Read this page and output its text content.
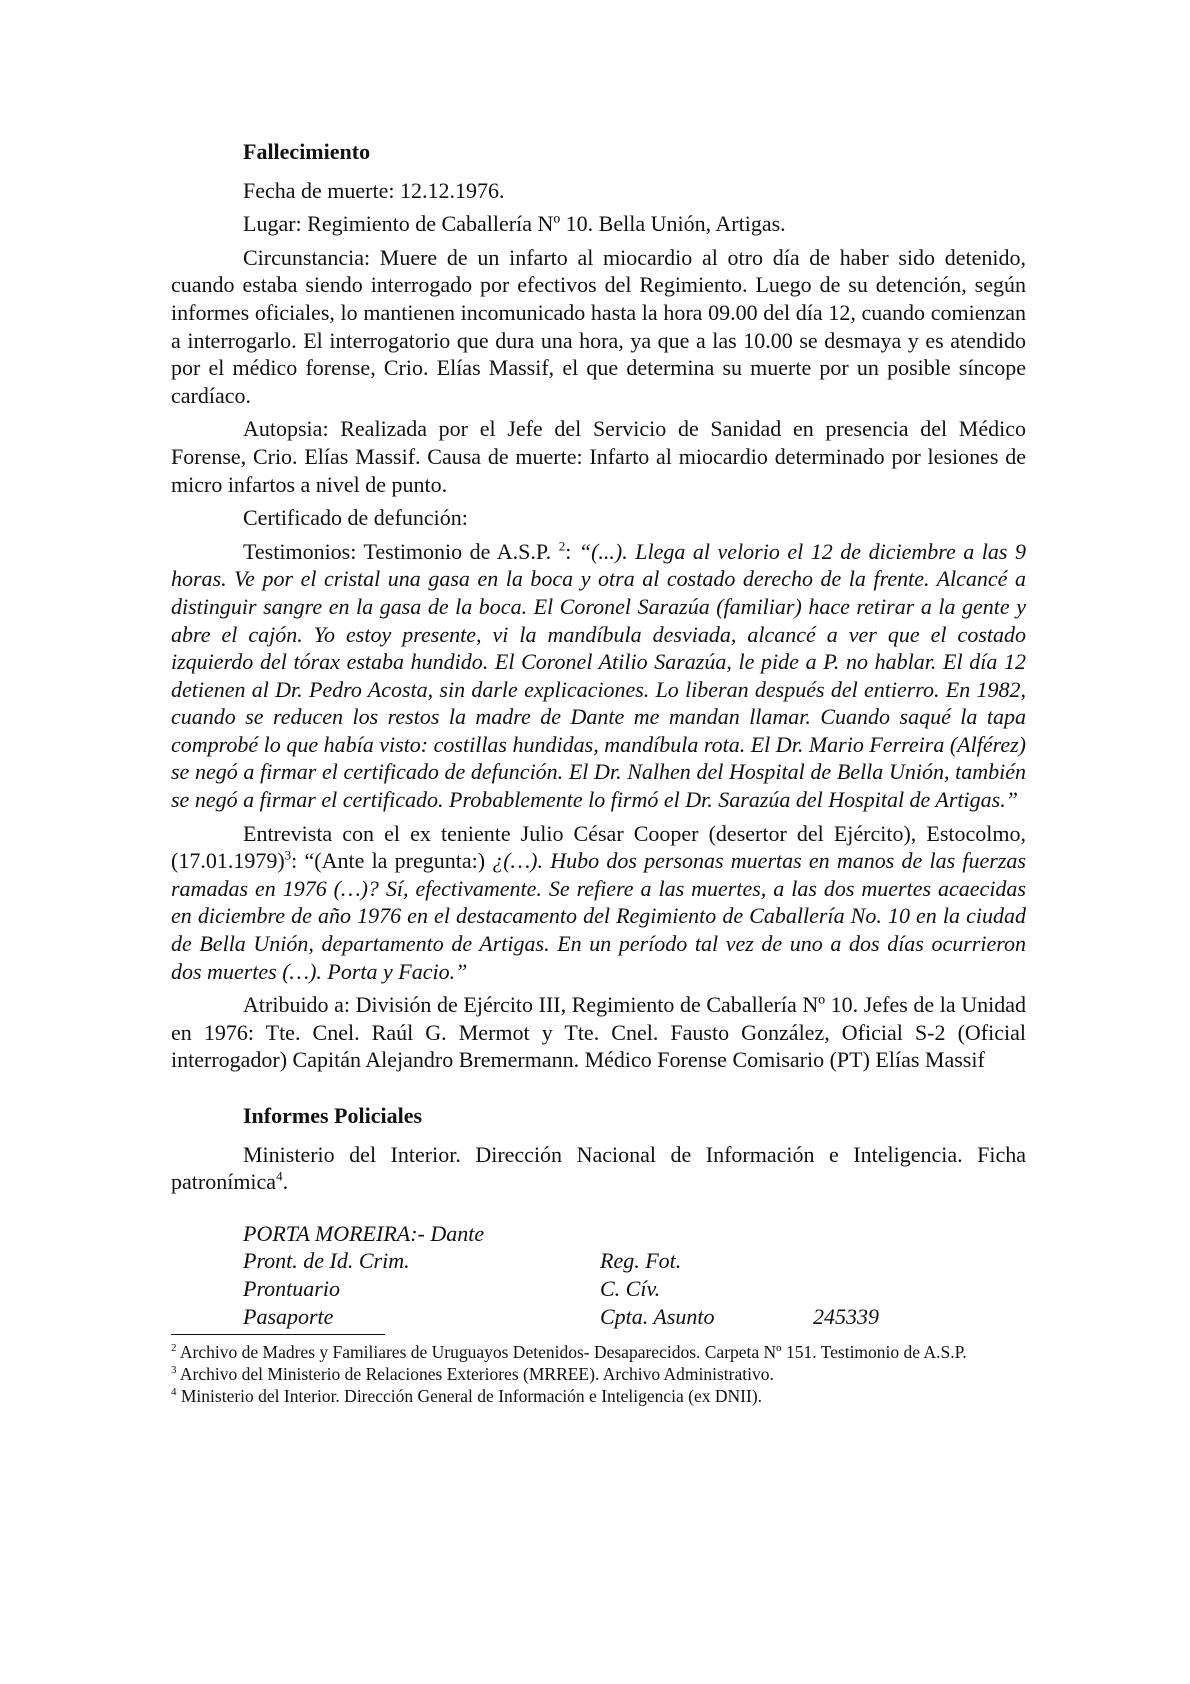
Fallecimiento

Fecha de muerte: 12.12.1976.

Lugar: Regimiento de Caballería Nº 10. Bella Unión, Artigas.

Circunstancia: Muere de un infarto al miocardio al otro día de haber sido detenido, cuando estaba siendo interrogado por efectivos del Regimiento. Luego de su detención, según informes oficiales, lo mantienen incomunicado hasta la hora 09.00 del día 12, cuando comienzan a interrogarlo. El interrogatorio que dura una hora, ya que a las 10.00 se desmaya y es atendido por el médico forense, Crio. Elías Massif, el que determina su muerte por un posible síncope cardíaco.

Autopsia: Realizada por el Jefe del Servicio de Sanidad en presencia del Médico Forense, Crio. Elías Massif. Causa de muerte: Infarto al miocardio determinado por lesiones de micro infartos a nivel de punto.

Certificado de defunción:

Testimonios: Testimonio de A.S.P. $^2$: “(...). Llega al velorio el 12 de diciembre a las 9 horas. Ve por el cristal una gasa en la boca y otra al costado derecho de la frente. Alcancé a distinguir sangre en la gasa de la boca. El Coronel Sarazúa (familiar) hace retirar a la gente y abre el cajón. Yo estoy presente, vi la mandíbula desviada, alcancé a ver que el costado izquierdo del tórax estaba hundido. El Coronel Atilio Sarazúa, le pide a P. no hablar. El día 12 detienen al Dr. Pedro Acosta, sin darle explicaciones. Lo liberan después del entierro. En 1982, cuando se reducen los restos la madre de Dante me mandan llamar. Cuando saqué la tapa comprobé lo que había visto: costillas hundidas, mandíbula rota. El Dr. Mario Ferreira (Alférez) se negó a firmar el certificado de defunción. El Dr. Nalhen del Hospital de Bella Unión, también se negó a firmar el certificado. Probablemente lo firmó el Dr. Sarazúa del Hospital de Artigas.”

Entrevista con el ex teniente Julio César Cooper (desertor del Ejército), Estocolmo, $(17.01.1979)^3$: “(Ante la pregunta:) ¿(…). Hubo dos personas muertas en manos de las fuerzas ramadas en 1976 (…)? Sí, efectivamente. Se refiere a las muertes, a las dos muertes acaecidas en diciembre de año 1976 en el destacamento del Regimiento de Caballería No. 10 en la ciudad de Bella Unión, departamento de Artigas. En un período tal vez de uno a dos días ocurrieron dos muertes (…). Porta y Facio.”

Atribuido a: División de Ejército III, Regimiento de Caballería Nº 10. Jefes de la Unidad en 1976: Tte. Cnel. Raúl G. Mermot y Tte. Cnel. Fausto González, Oficial S-2 (Oficial interrogador) Capitán Alejandro Bremermann. Médico Forense Comisario (PT) Elías Massif

Informes Policiales

Ministerio del Interior. Dirección Nacional de Información e Inteligencia. Ficha patronímica$^4$.

PORTA MOREIRA:- Dante
Pront. de Id. Crim.	Reg. Fot.
Prontuario	C. Cív.
Pasaporte	Cpta. Asunto	245339
$^2$ Archivo de Madres y Familiares de Uruguayos Detenidos- Desaparecidos. Carpeta Nº 151. Testimonio de A.S.P.
$^3$ Archivo del Ministerio de Relaciones Exteriores (MRREE). Archivo Administrativo.
$^4$ Ministerio del Interior. Dirección General de Información e Inteligencia (ex DNII).
